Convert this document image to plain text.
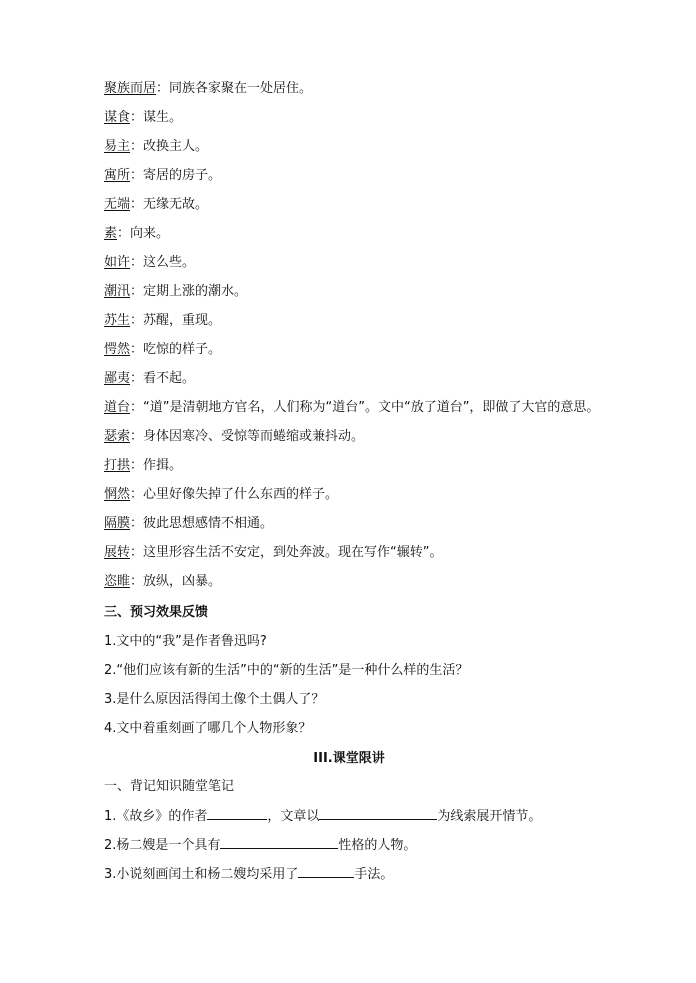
聚族而居：同族各家聚在一处居住。
谋食：谋生。
易主：改换主人。
寓所：寄居的房子。
无端：无缘无故。
素：向来。
如许：这么些。
潮汛：定期上涨的潮水。
苏生：苏醒，重现。
愕然：吃惊的样子。
鄙夷：看不起。
道台：“道”是清朝地方官名，人们称为“道台”。文中“放了道台”，即做了大官的意思。
瑟索：身体因寒冷、受惊等而蜷缩或兼抖动。
打拱：作揖。
惘然：心里好像失掉了什么东西的样子。
隔膜：彼此思想感情不相通。
展转：这里形容生活不安定，到处奔波。现在写作“辗转”。
恣睢：放纵，凶暴。
三、预习效果反馈
1.文中的“我”是作者鲁迅吗?
2.“他们应该有新的生活”中的“新的生活”是一种什么样的生活？
3.是什么原因活得闰土像个土偶人了？
4.文中着重刻画了哪几个人物形象？
III.课堂限讲
一、背记知识随堂笔记
1.《故乡》的作者	，文章以	为线索展开情节。
2.杨二嫂是一个具有	性格的人物。
3.小说刻画闰土和杨二嫂均采用了	手法。
